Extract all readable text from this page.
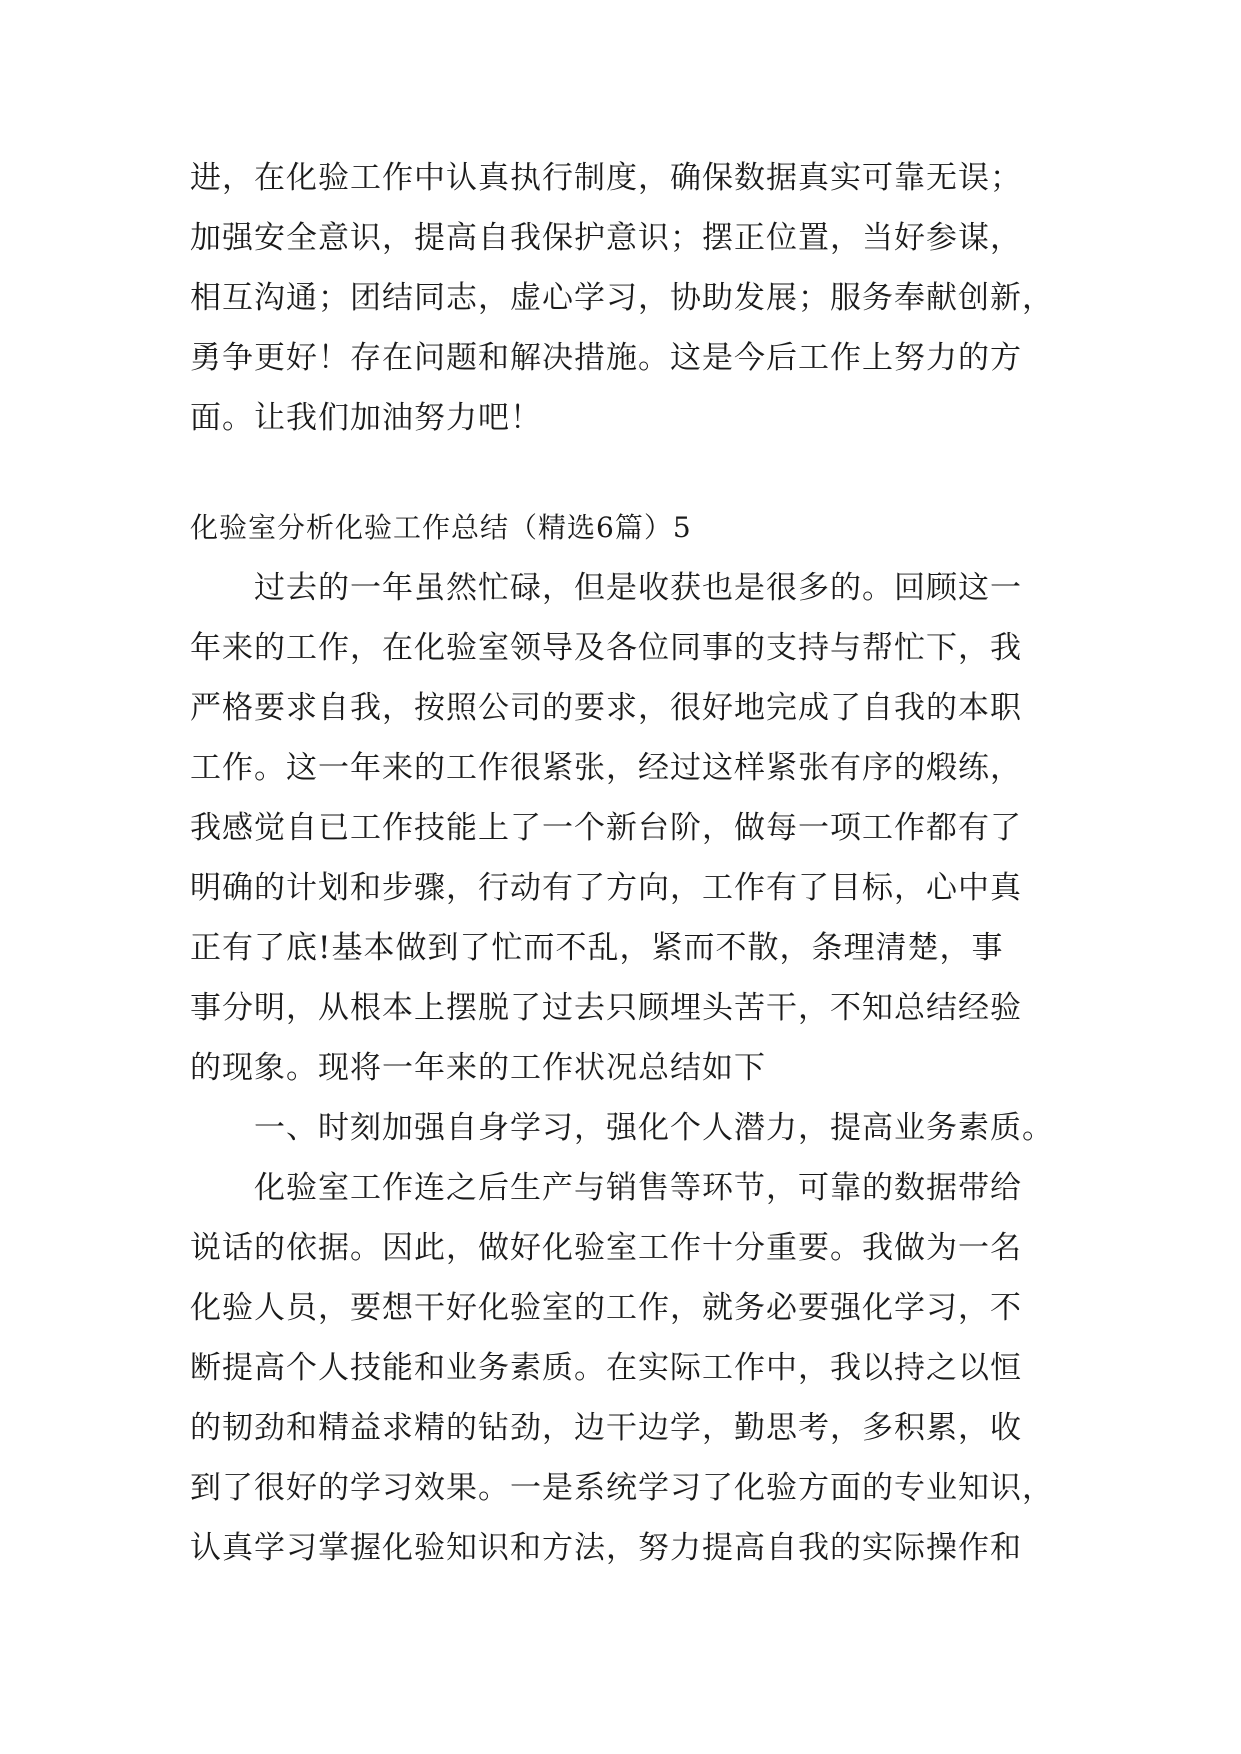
进，在化验工作中认真执行制度，确保数据真实可靠无误；
加强安全意识，提高自我保护意识；摆正位置，当好参谋，
相互沟通；团结同志，虚心学习，协助发展；服务奉献创新，
勇争更好！存在问题和解决措施。这是今后工作上努力的方
面。让我们加油努力吧！
化验室分析化验工作总结（精选6篇）5
过去的一年虽然忙碌，但是收获也是很多的。回顾这一
年来的工作，在化验室领导及各位同事的支持与帮忙下，我
严格要求自我，按照公司的要求，很好地完成了自我的本职
工作。这一年来的工作很紧张，经过这样紧张有序的煅练，
我感觉自已工作技能上了一个新台阶，做每一项工作都有了
明确的计划和步骤，行动有了方向，工作有了目标，心中真
正有了底!基本做到了忙而不乱，紧而不散，条理清楚，事
事分明，从根本上摆脱了过去只顾埋头苦干，不知总结经验
的现象。现将一年来的工作状况总结如下
一、时刻加强自身学习，强化个人潜力，提高业务素质。
化验室工作连之后生产与销售等环节，可靠的数据带给
说话的依据。因此，做好化验室工作十分重要。我做为一名
化验人员，要想干好化验室的工作，就务必要强化学习，不
断提高个人技能和业务素质。在实际工作中，我以持之以恒
的韧劲和精益求精的钻劲，边干边学，勤思考，多积累，收
到了很好的学习效果。一是系统学习了化验方面的专业知识，
认真学习掌握化验知识和方法，努力提高自我的实际操作和
